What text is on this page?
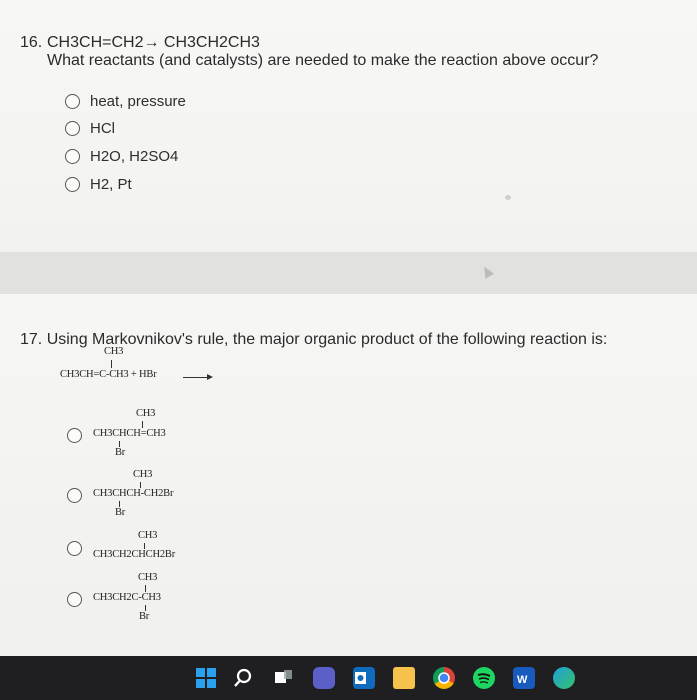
16. CH3CH=CH2→ CH3CH2CH3
What reactants (and catalysts) are needed to make the reaction above occur?
heat, pressure
HCl
H2O, H2SO4
H2, Pt
17. Using Markovnikov's rule, the major organic product of the following reaction is:
CH3
CH3CH=C-CH3 + HBr
CH3
CH3CHCH=CH3
Br
CH3
CH3CHCH-CH2Br
Br
CH3
CH3CH2CHCH2Br
CH3
CH3CH2C-CH3
Br
W
